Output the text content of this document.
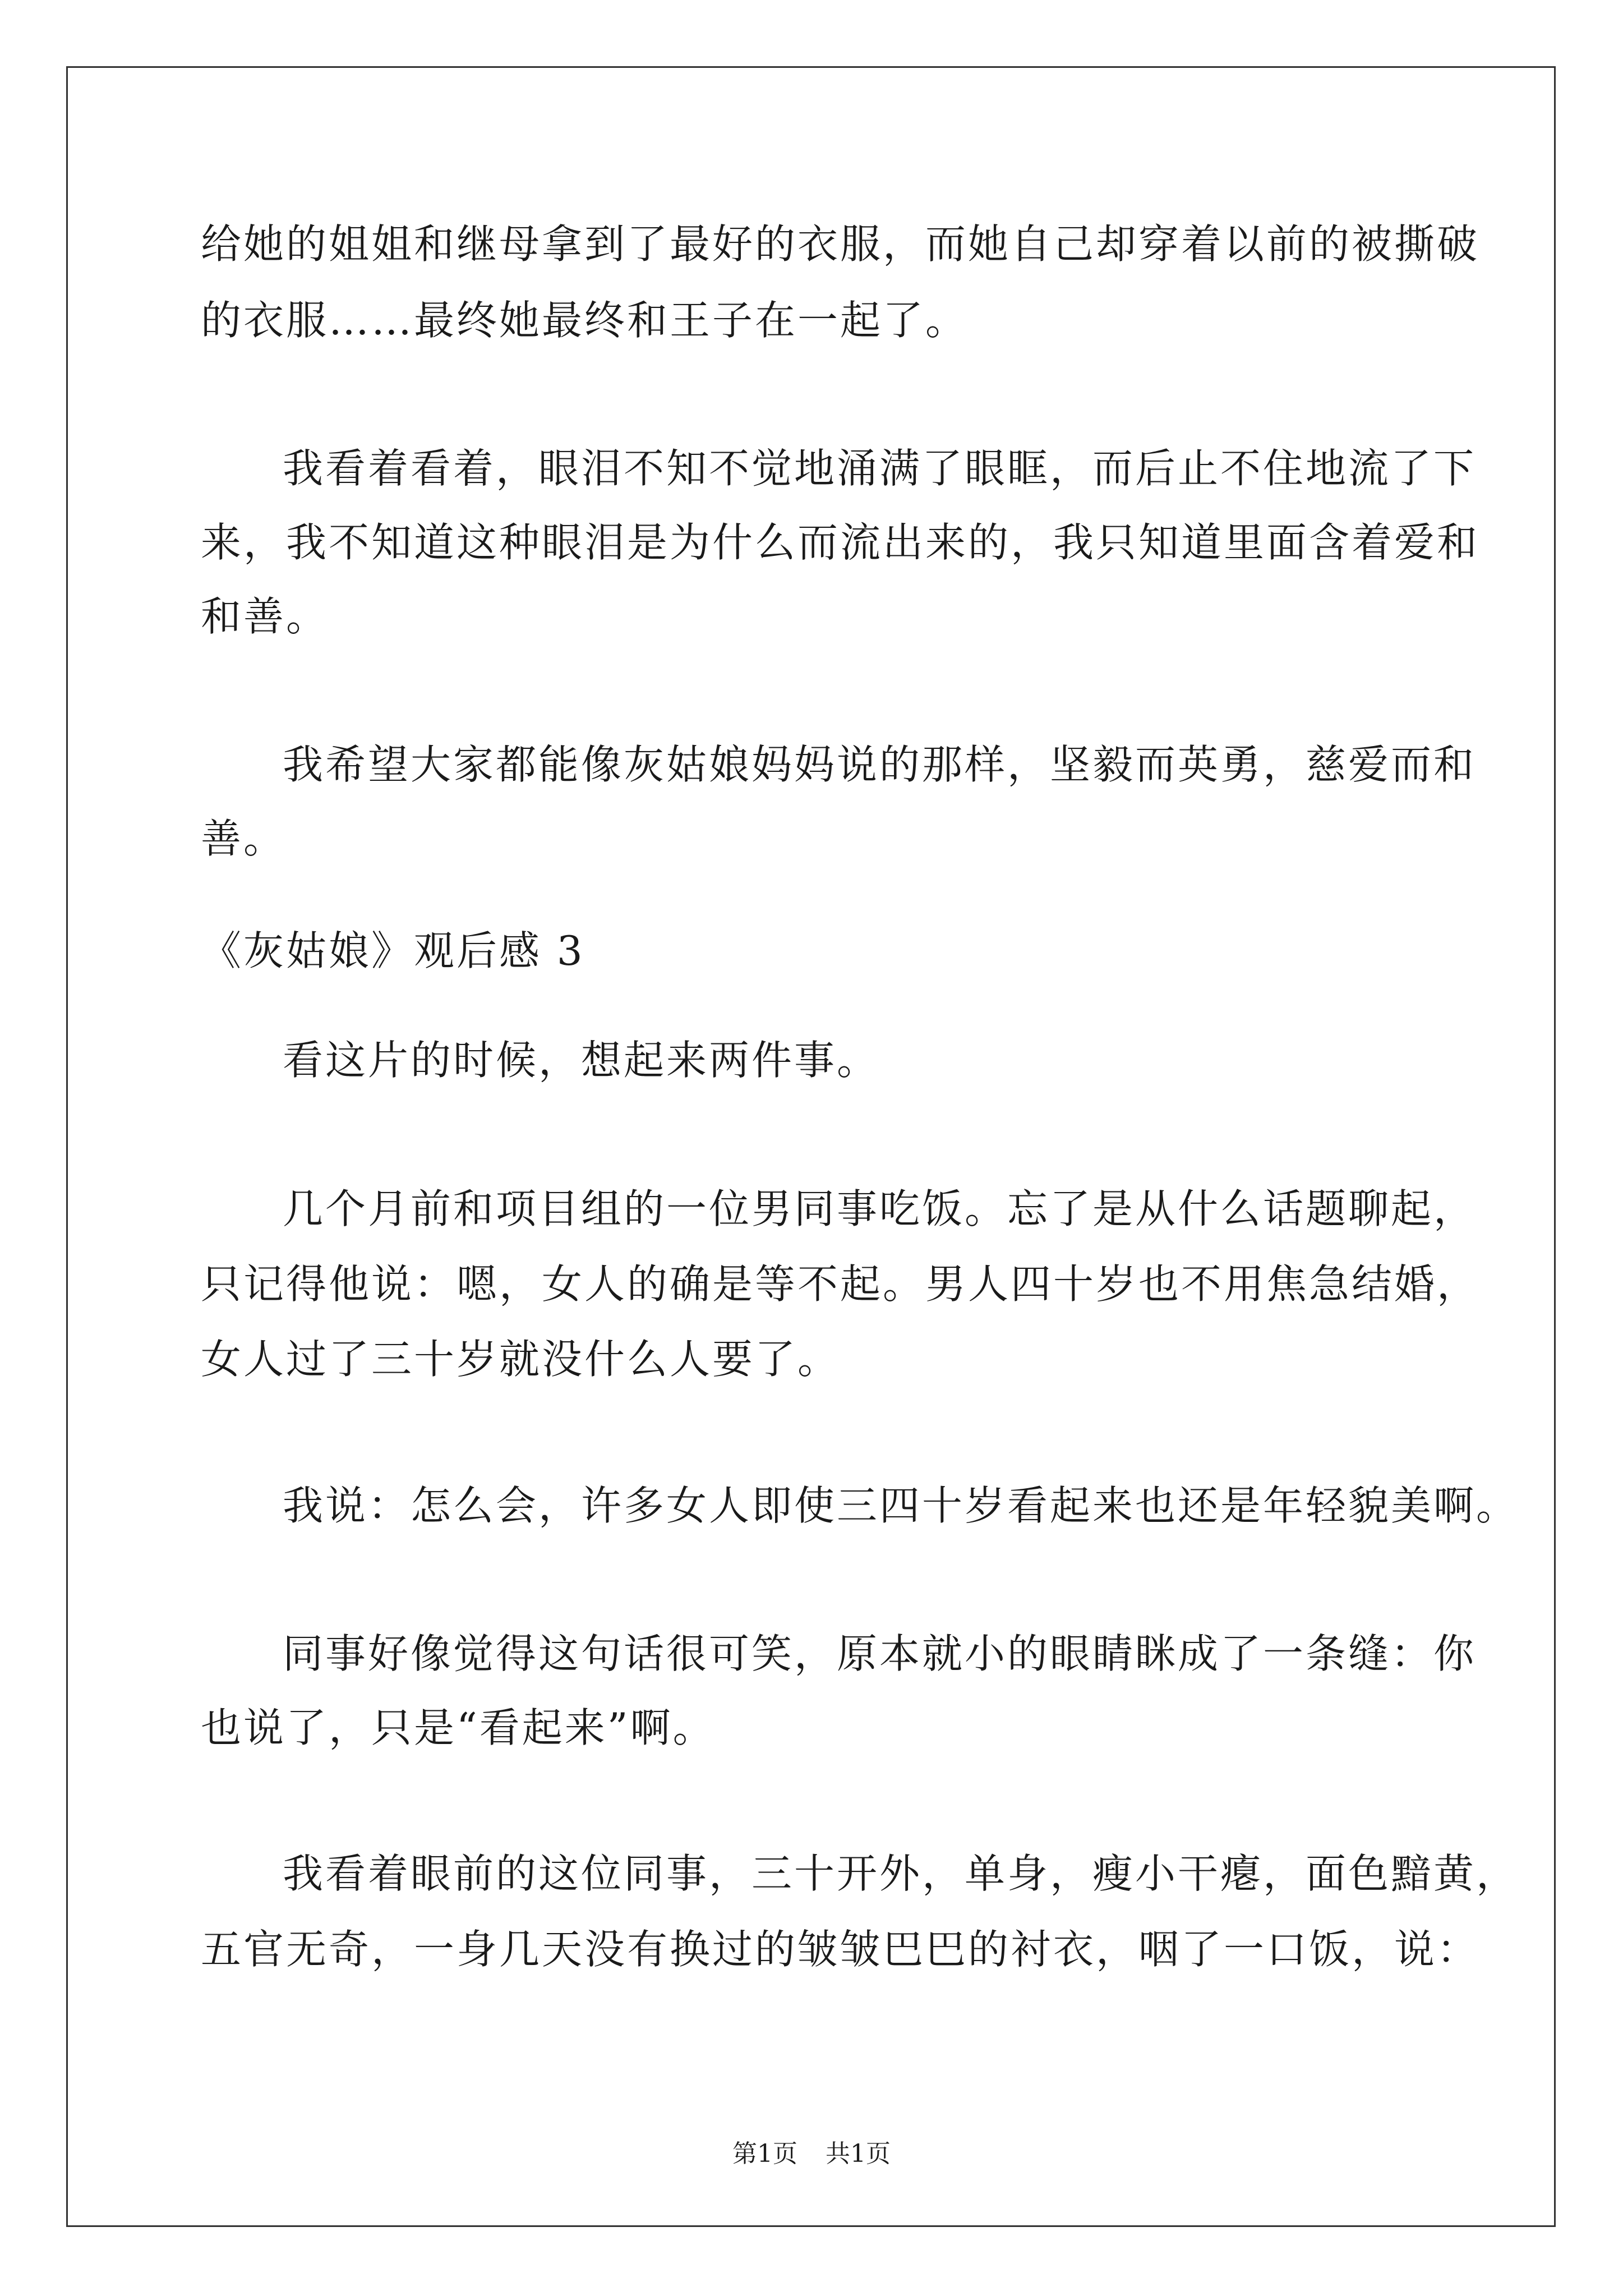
给她的姐姐和继母拿到了最好的衣服，而她自己却穿着以前的被撕破
的衣服……最终她最终和王子在一起了。
我看着看着，眼泪不知不觉地涌满了眼眶，而后止不住地流了下
来，我不知道这种眼泪是为什么而流出来的，我只知道里面含着爱和
和善。
我希望大家都能像灰姑娘妈妈说的那样，坚毅而英勇，慈爱而和
善。
《灰姑娘》观后感 3
看这片的时候，想起来两件事。
几个月前和项目组的一位男同事吃饭。忘了是从什么话题聊起，
只记得他说：嗯，女人的确是等不起。男人四十岁也不用焦急结婚，
女人过了三十岁就没什么人要了。
我说：怎么会，许多女人即使三四十岁看起来也还是年轻貌美啊。
同事好像觉得这句话很可笑，原本就小的眼睛眯成了一条缝：你
也说了，只是“看起来”啊。
我看着眼前的这位同事，三十开外，单身，瘦小干瘪，面色黯黄，
五官无奇，一身几天没有换过的皱皱巴巴的衬衣，咽了一口饭，说：
第1页 共1页
